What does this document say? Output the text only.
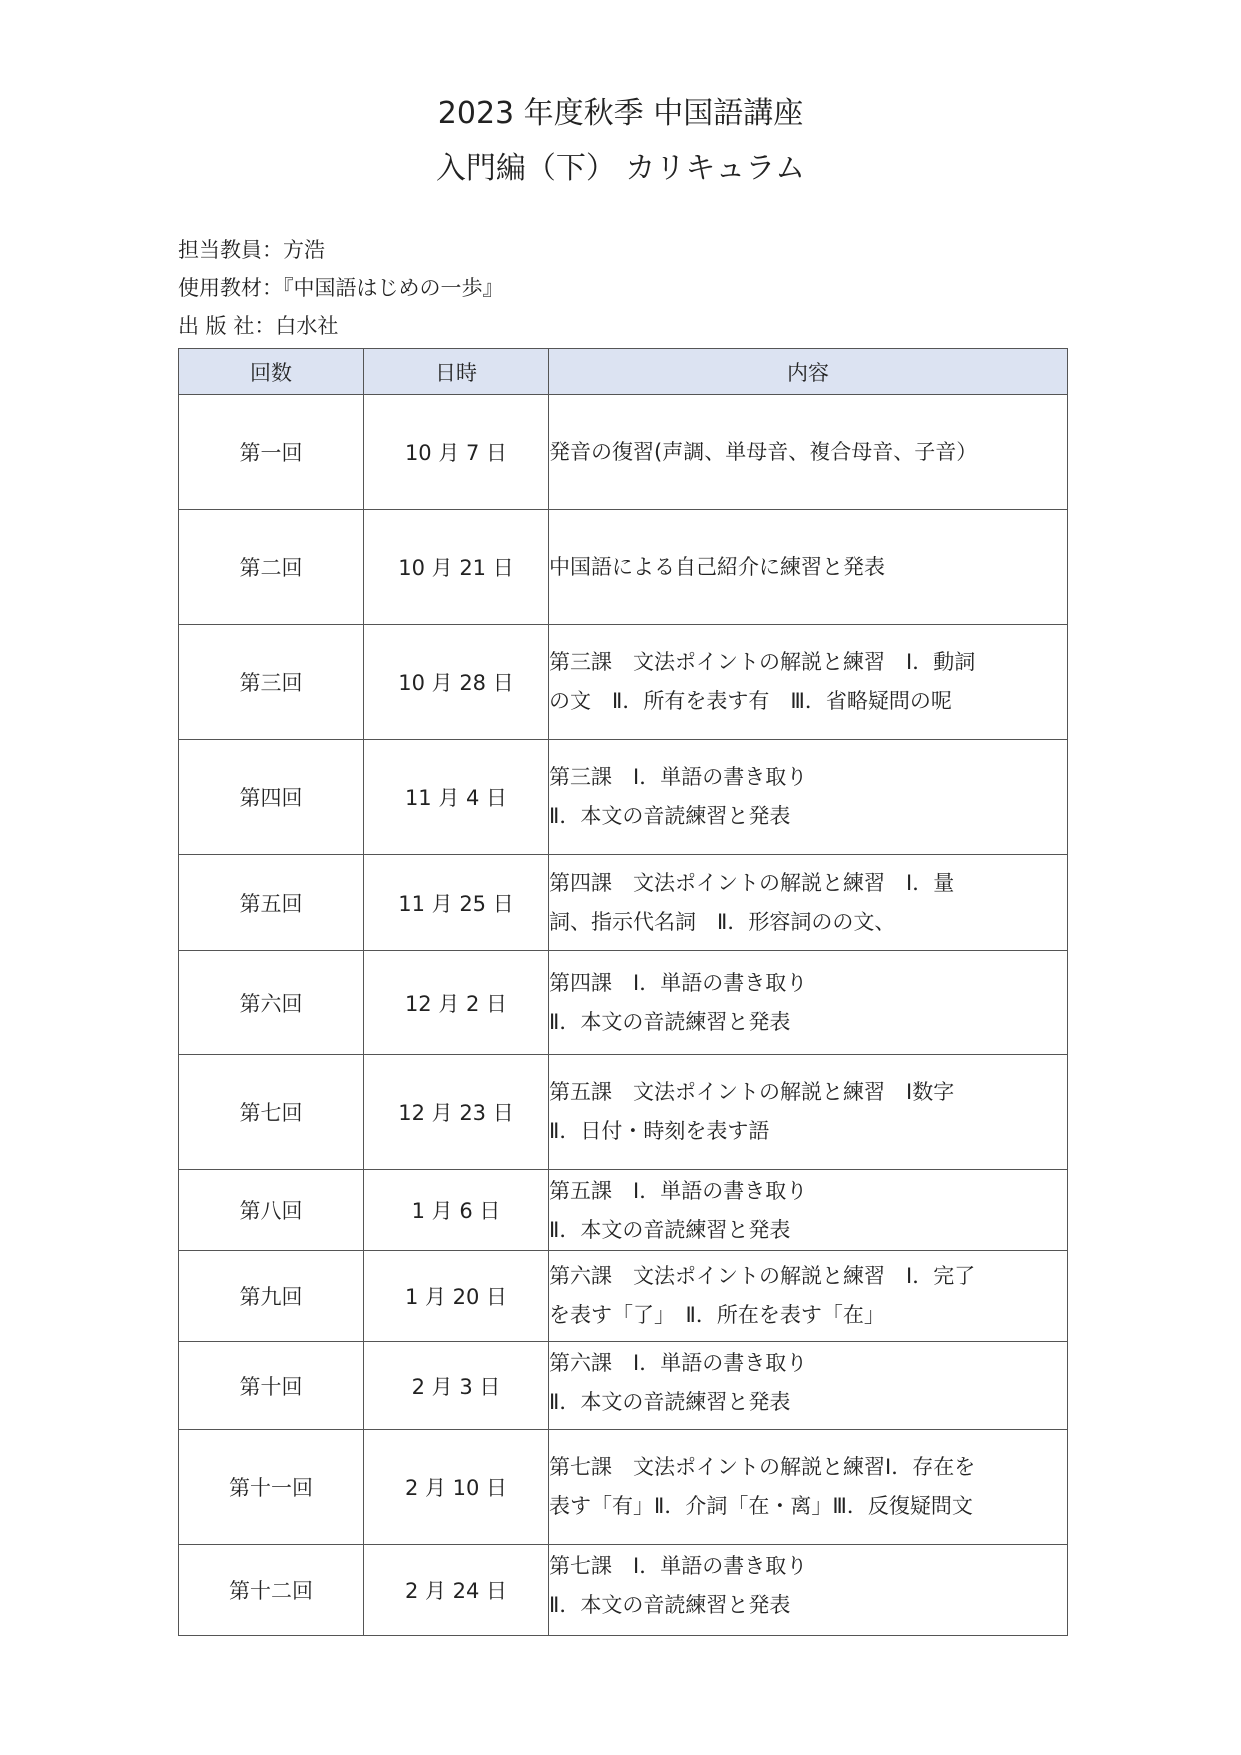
2023 年度秋季 中国語講座
入門編（下） カリキュラム
担当教員：方浩
使用教材：『中国語はじめの一歩』
出 版 社：白水社
回数	日時	内容
第一回	10 月 7 日	発音の復習(声調、単母音、複合母音、子音）
第二回	10 月 21 日	中国語による自己紹介に練習と発表
第三回	10 月 28 日	第三課　文法ポイントの解説と練習　Ⅰ．動詞
の文　Ⅱ．所有を表す有　Ⅲ．省略疑問の呢
第四回	11 月 4 日	第三課　Ⅰ．単語の書き取り
Ⅱ．本文の音読練習と発表
第五回	11 月 25 日	第四課　文法ポイントの解説と練習　Ⅰ．量
詞、指示代名詞　Ⅱ．形容詞のの文、
第六回	12 月 2 日	第四課　Ⅰ．単語の書き取り
Ⅱ．本文の音読練習と発表
第七回	12 月 23 日	第五課　文法ポイントの解説と練習　Ⅰ数字
Ⅱ．日付・時刻を表す語
第八回	1 月 6 日	第五課　Ⅰ．単語の書き取り
Ⅱ．本文の音読練習と発表
第九回	1 月 20 日	第六課　文法ポイントの解説と練習　Ⅰ．完了
を表す「了」　Ⅱ．所在を表す「在」
第十回	2 月 3 日	第六課　Ⅰ．単語の書き取り
Ⅱ．本文の音読練習と発表
第十一回	2 月 10 日	第七課　文法ポイントの解説と練習Ⅰ．存在を
表す「有」Ⅱ．介詞「在・离」Ⅲ．反復疑問文
第十二回	2 月 24 日	第七課　Ⅰ．単語の書き取り
Ⅱ．本文の音読練習と発表
